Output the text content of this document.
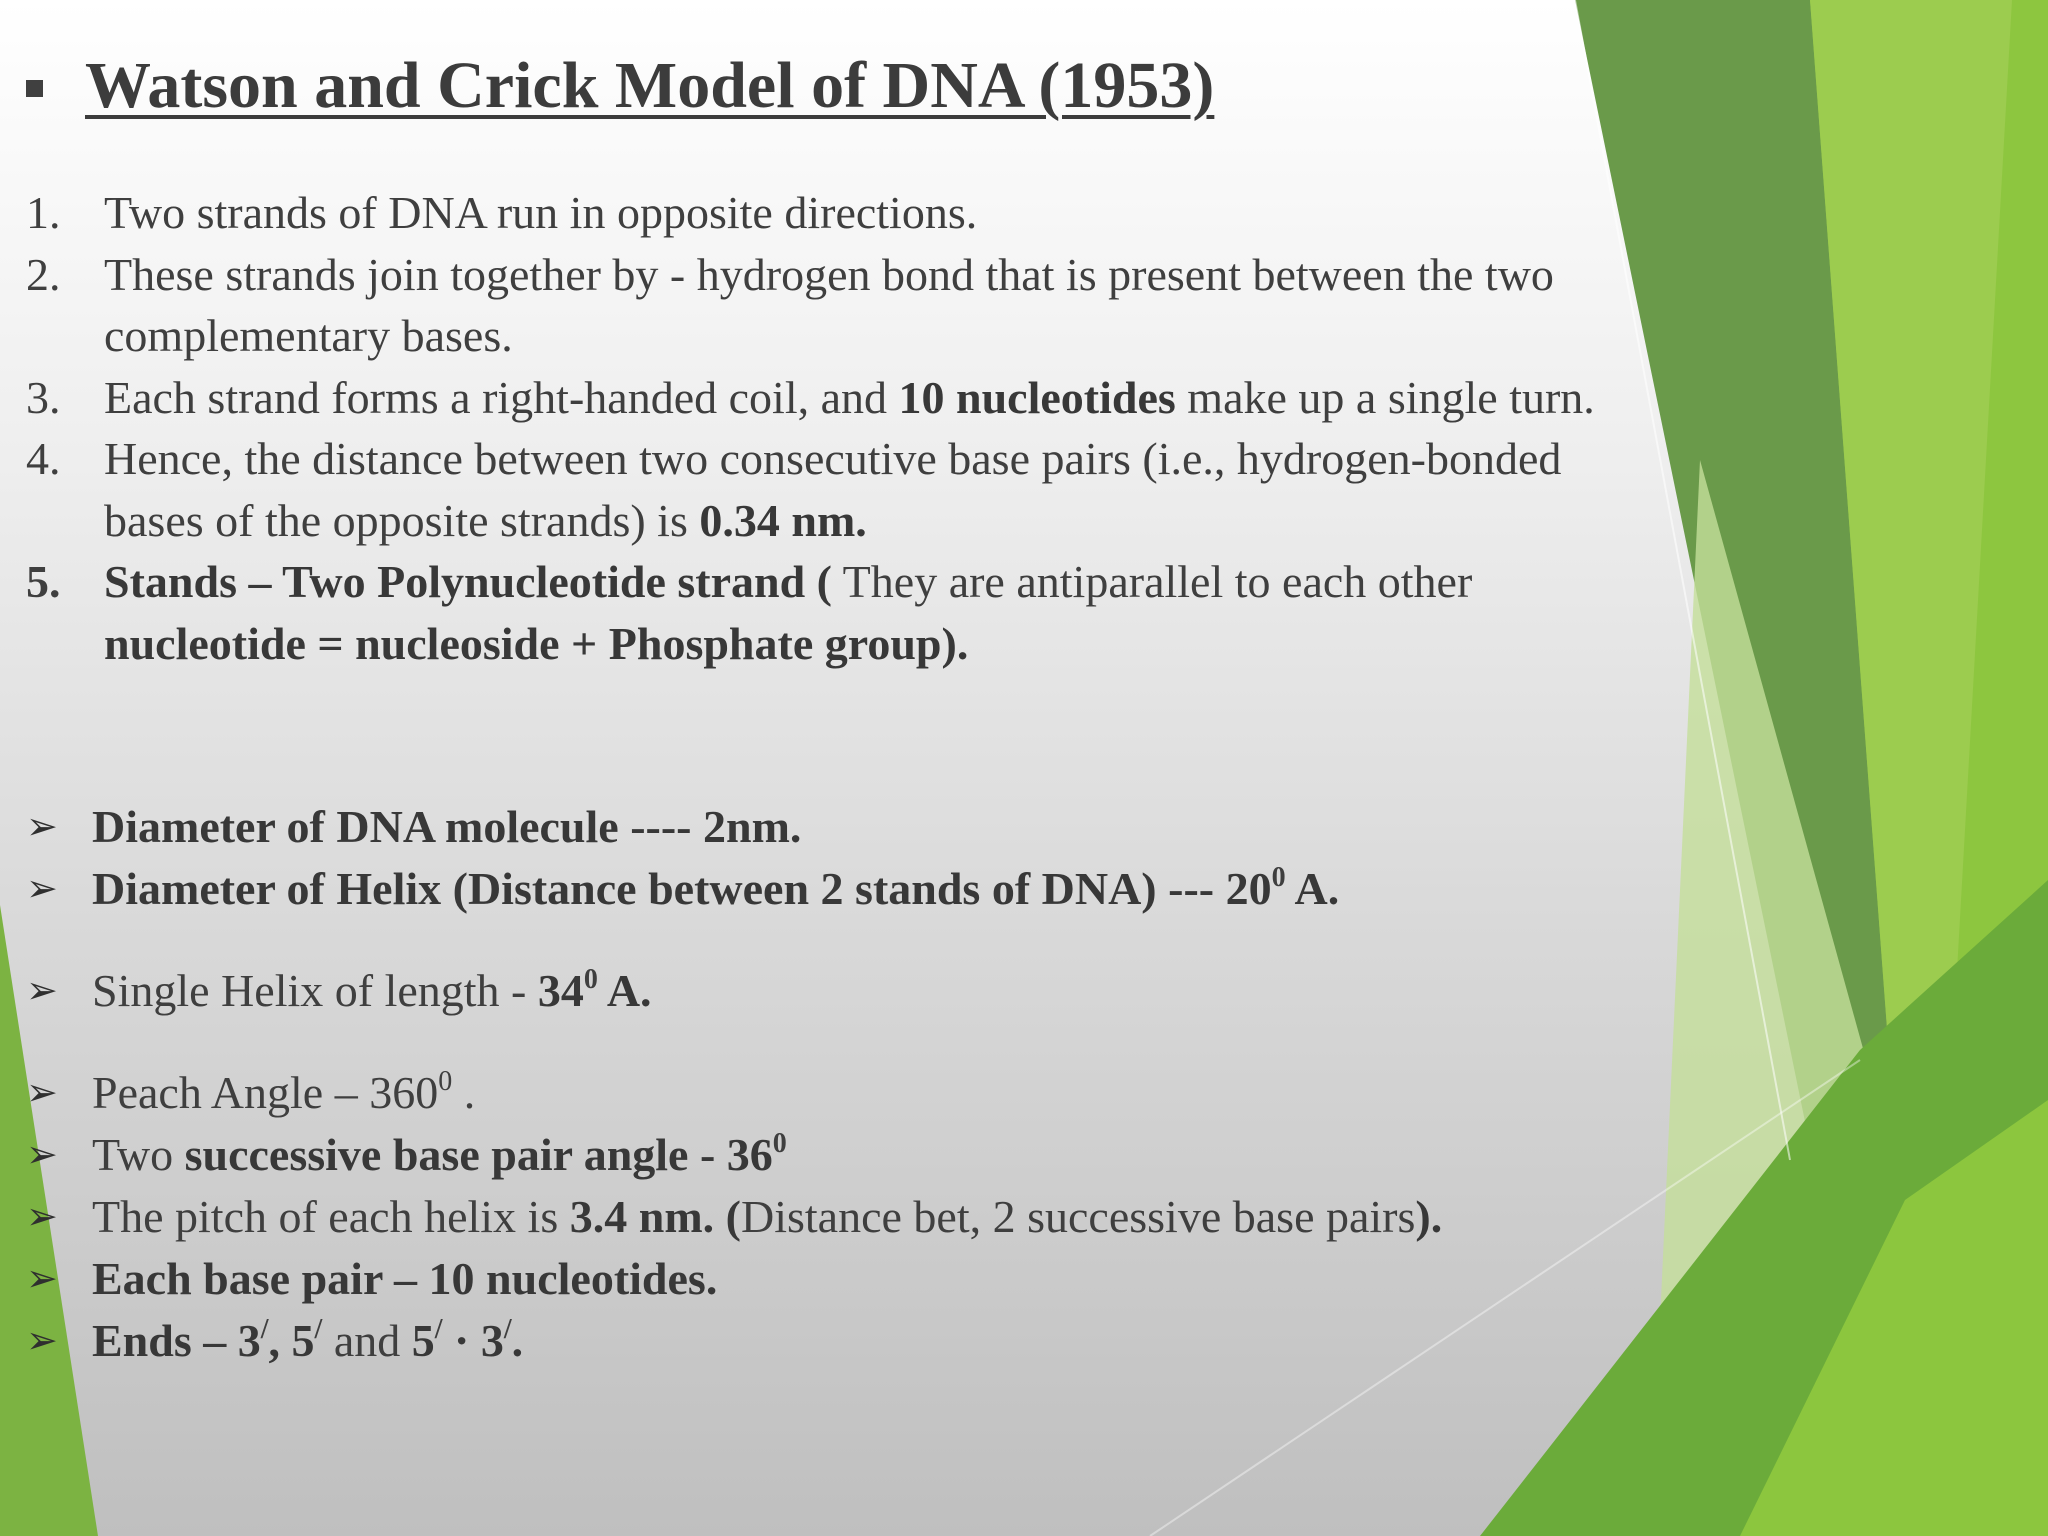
Watson and Crick Model of DNA (1953)
1. Two strands of DNA run in opposite directions.
2. These strands join together by - hydrogen bond that is present between the two complementary bases.
3. Each strand forms a right-handed coil, and 10 nucleotides make up a single turn.
4. Hence, the distance between two consecutive base pairs (i.e., hydrogen-bonded bases of the opposite strands) is 0.34 nm.
5. Stands – Two Polynucleotide strand ( They are antiparallel to each other nucleotide = nucleoside + Phosphate group).
➢ Diameter of DNA molecule ---- 2nm.
➢ Diameter of Helix (Distance between 2 stands of DNA) --- $20^0$ A.
➢ Single Helix of length - $34^0$ A.
➢ Peach Angle – $360^0$ .
➢ Two successive base pair angle - $36^0$
➢ The pitch of each helix is 3.4 nm. (Distance bet, 2 successive base pairs).
➢ Each base pair – 10 nucleotides.
➢ Ends – 3/, 5/ and 5/ · 3/.
